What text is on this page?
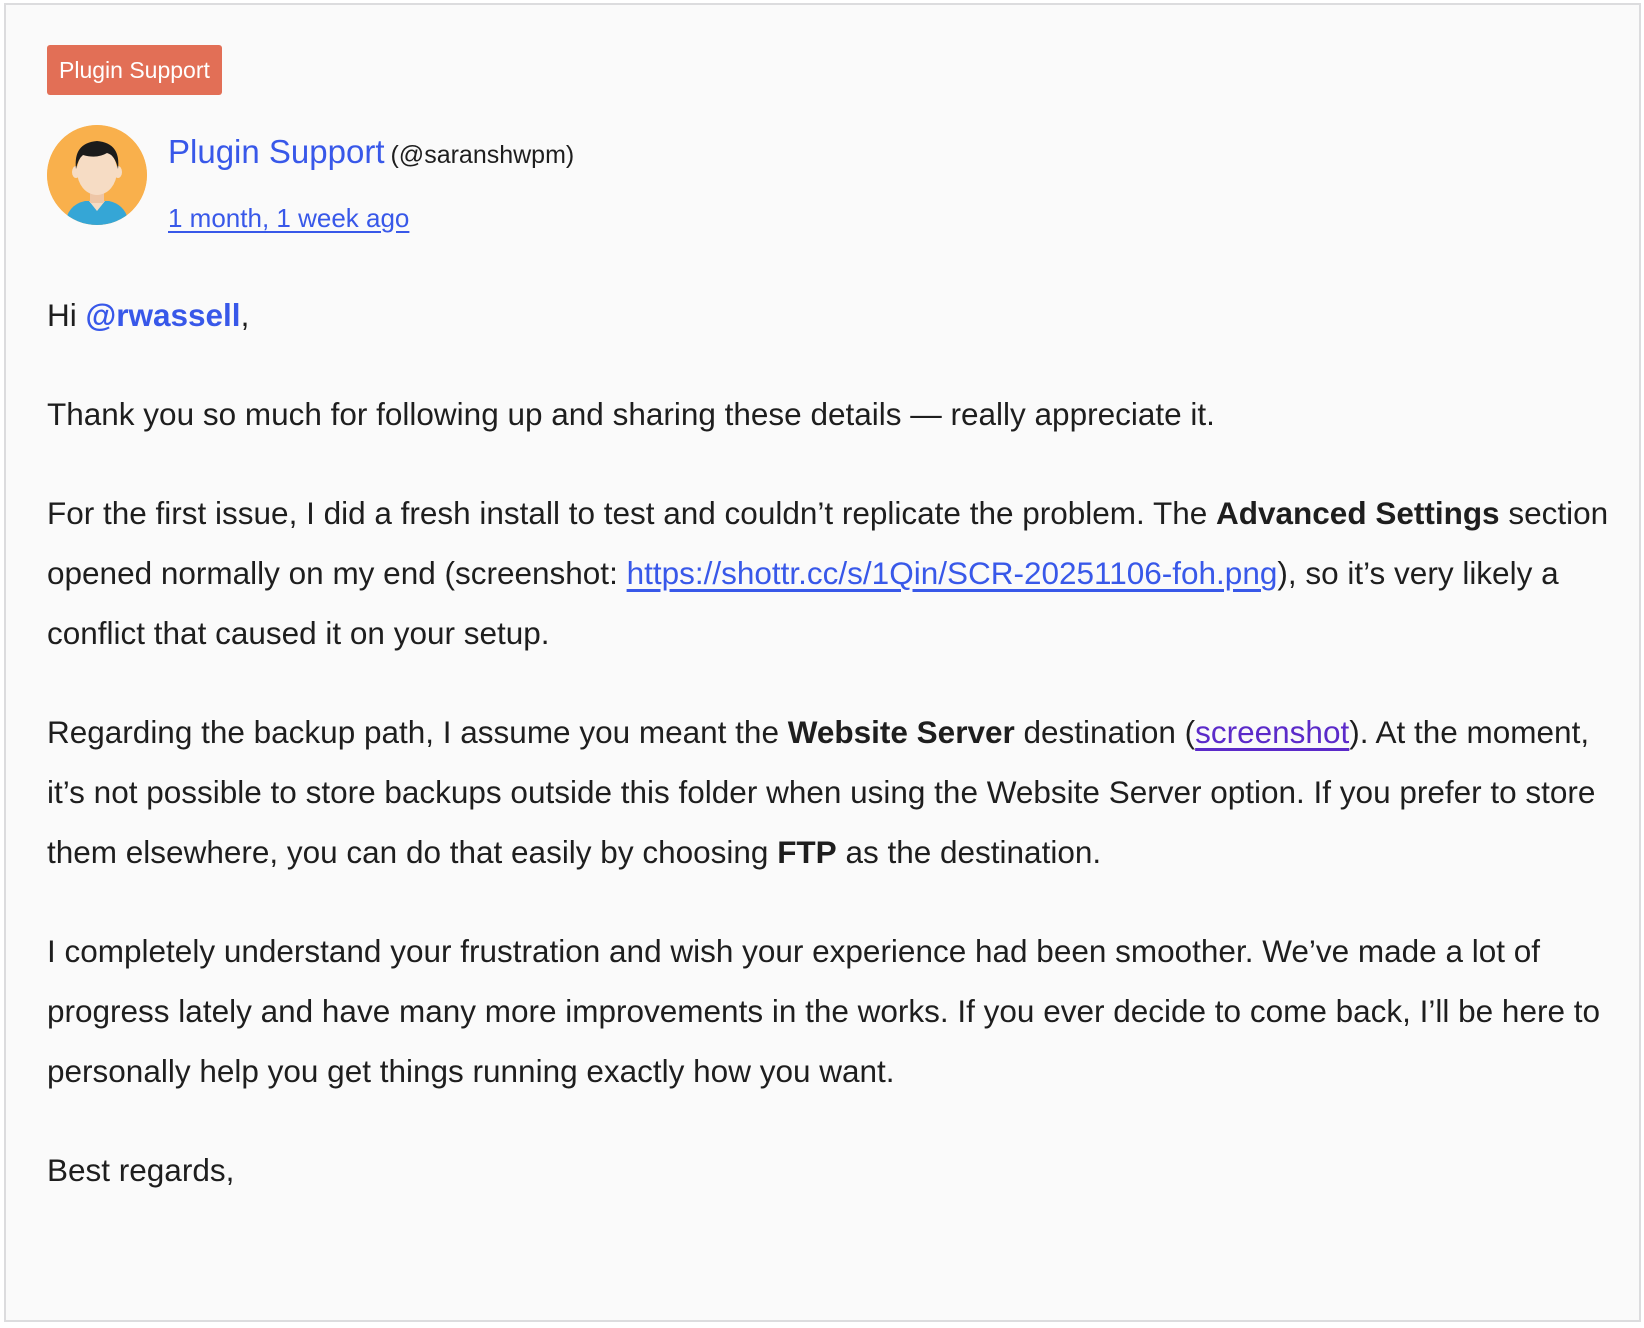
Plugin Support
Plugin Support (@saranshwpm)
1 month, 1 week ago

Hi @rwassell,

Thank you so much for following up and sharing these details — really appreciate it.

For the first issue, I did a fresh install to test and couldn’t replicate the problem. The Advanced Settings section opened normally on my end (screenshot: https://shottr.cc/s/1Qin/SCR-20251106-foh.png), so it’s very likely a conflict that caused it on your setup.

Regarding the backup path, I assume you meant the Website Server destination (screenshot). At the moment, it’s not possible to store backups outside this folder when using the Website Server option. If you prefer to store them elsewhere, you can do that easily by choosing FTP as the destination.

I completely understand your frustration and wish your experience had been smoother. We’ve made a lot of progress lately and have many more improvements in the works. If you ever decide to come back, I’ll be here to personally help you get things running exactly how you want.

Best regards,
